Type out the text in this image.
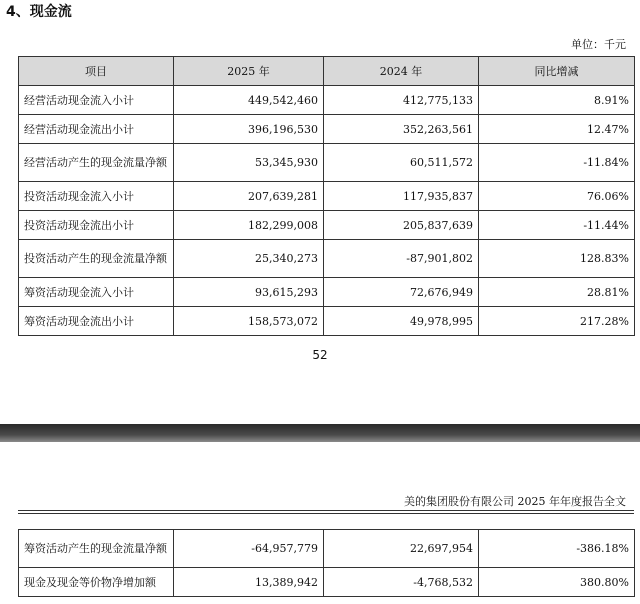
4、现金流
单位：千元
项目	2025 年	2024 年	同比增减
经营活动现金流入小计	449,542,460	412,775,133	8.91%
经营活动现金流出小计	396,196,530	352,263,561	12.47%
经营活动产生的现金流量净额	53,345,930	60,511,572	-11.84%
投资活动现金流入小计	207,639,281	117,935,837	76.06%
投资活动现金流出小计	182,299,008	205,837,639	-11.44%
投资活动产生的现金流量净额	25,340,273	-87,901,802	128.83%
筹资活动现金流入小计	93,615,293	72,676,949	28.81%
筹资活动现金流出小计	158,573,072	49,978,995	217.28%
52
美的集团股份有限公司 2025 年年度报告全文
筹资活动产生的现金流量净额	-64,957,779	22,697,954	-386.18%
现金及现金等价物净增加额	13,389,942	-4,768,532	380.80%
